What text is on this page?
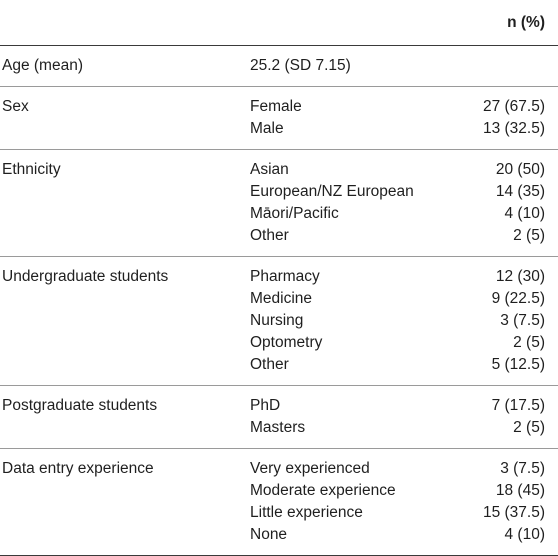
		n (%)
Age (mean)	25.2 (SD 7.15)	
Sex	Female	27 (67.5)
	Male	13 (32.5)
Ethnicity	Asian	20 (50)
	European/NZ European	14 (35)
	Māori/Pacific	4 (10)
	Other	2 (5)
Undergraduate students	Pharmacy	12 (30)
	Medicine	9 (22.5)
	Nursing	3 (7.5)
	Optometry	2 (5)
	Other	5 (12.5)
Postgraduate students	PhD	7 (17.5)
	Masters	2 (5)
Data entry experience	Very experienced	3 (7.5)
	Moderate experience	18 (45)
	Little experience	15 (37.5)
	None	4 (10)
